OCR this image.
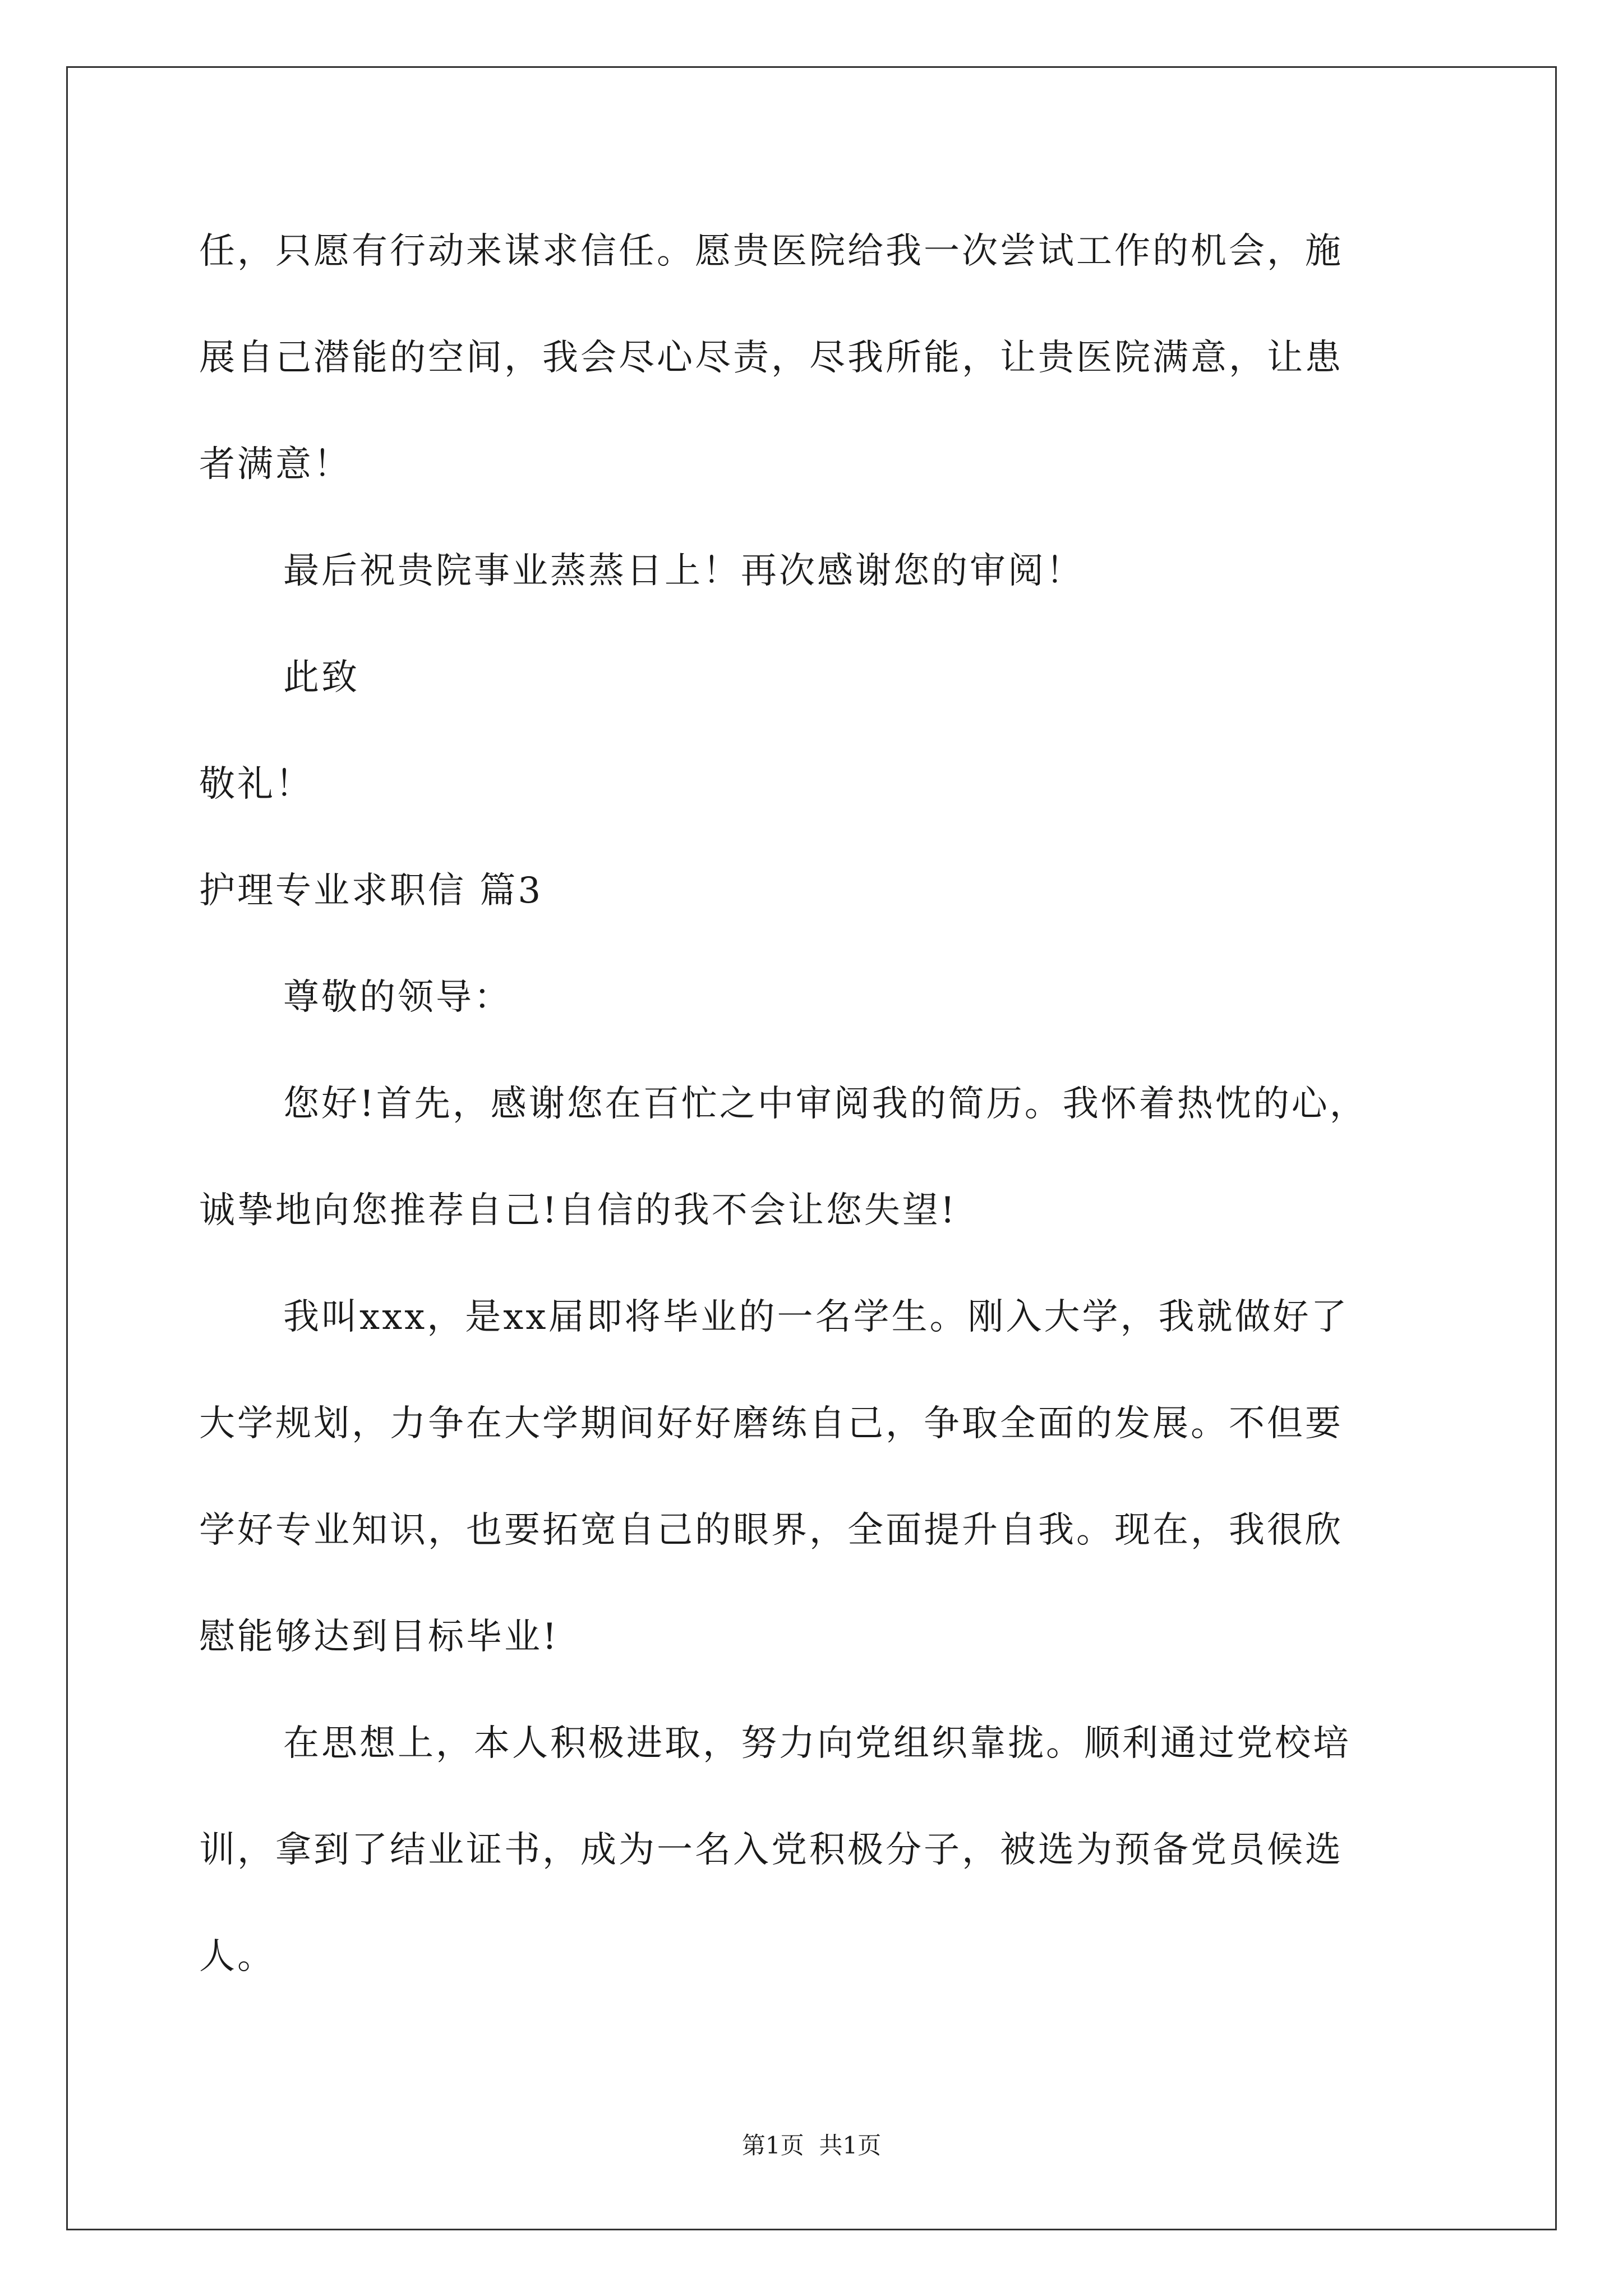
任，只愿有行动来谋求信任。愿贵医院给我一次尝试工作的机会，施
展自己潜能的空间，我会尽心尽责，尽我所能，让贵医院满意，让患
者满意！
最后祝贵院事业蒸蒸日上！再次感谢您的审阅！
此致
敬礼！
护理专业求职信 篇3
尊敬的领导：
您好!首先，感谢您在百忙之中审阅我的简历。我怀着热忱的心，
诚挚地向您推荐自己!自信的我不会让您失望!
我叫xxx，是xx届即将毕业的一名学生。刚入大学，我就做好了
大学规划，力争在大学期间好好磨练自己，争取全面的发展。不但要
学好专业知识，也要拓宽自己的眼界，全面提升自我。现在，我很欣
慰能够达到目标毕业!
在思想上，本人积极进取，努力向党组织靠拢。顺利通过党校培
训，拿到了结业证书，成为一名入党积极分子，被选为预备党员候选
人。
第1页  共1页
